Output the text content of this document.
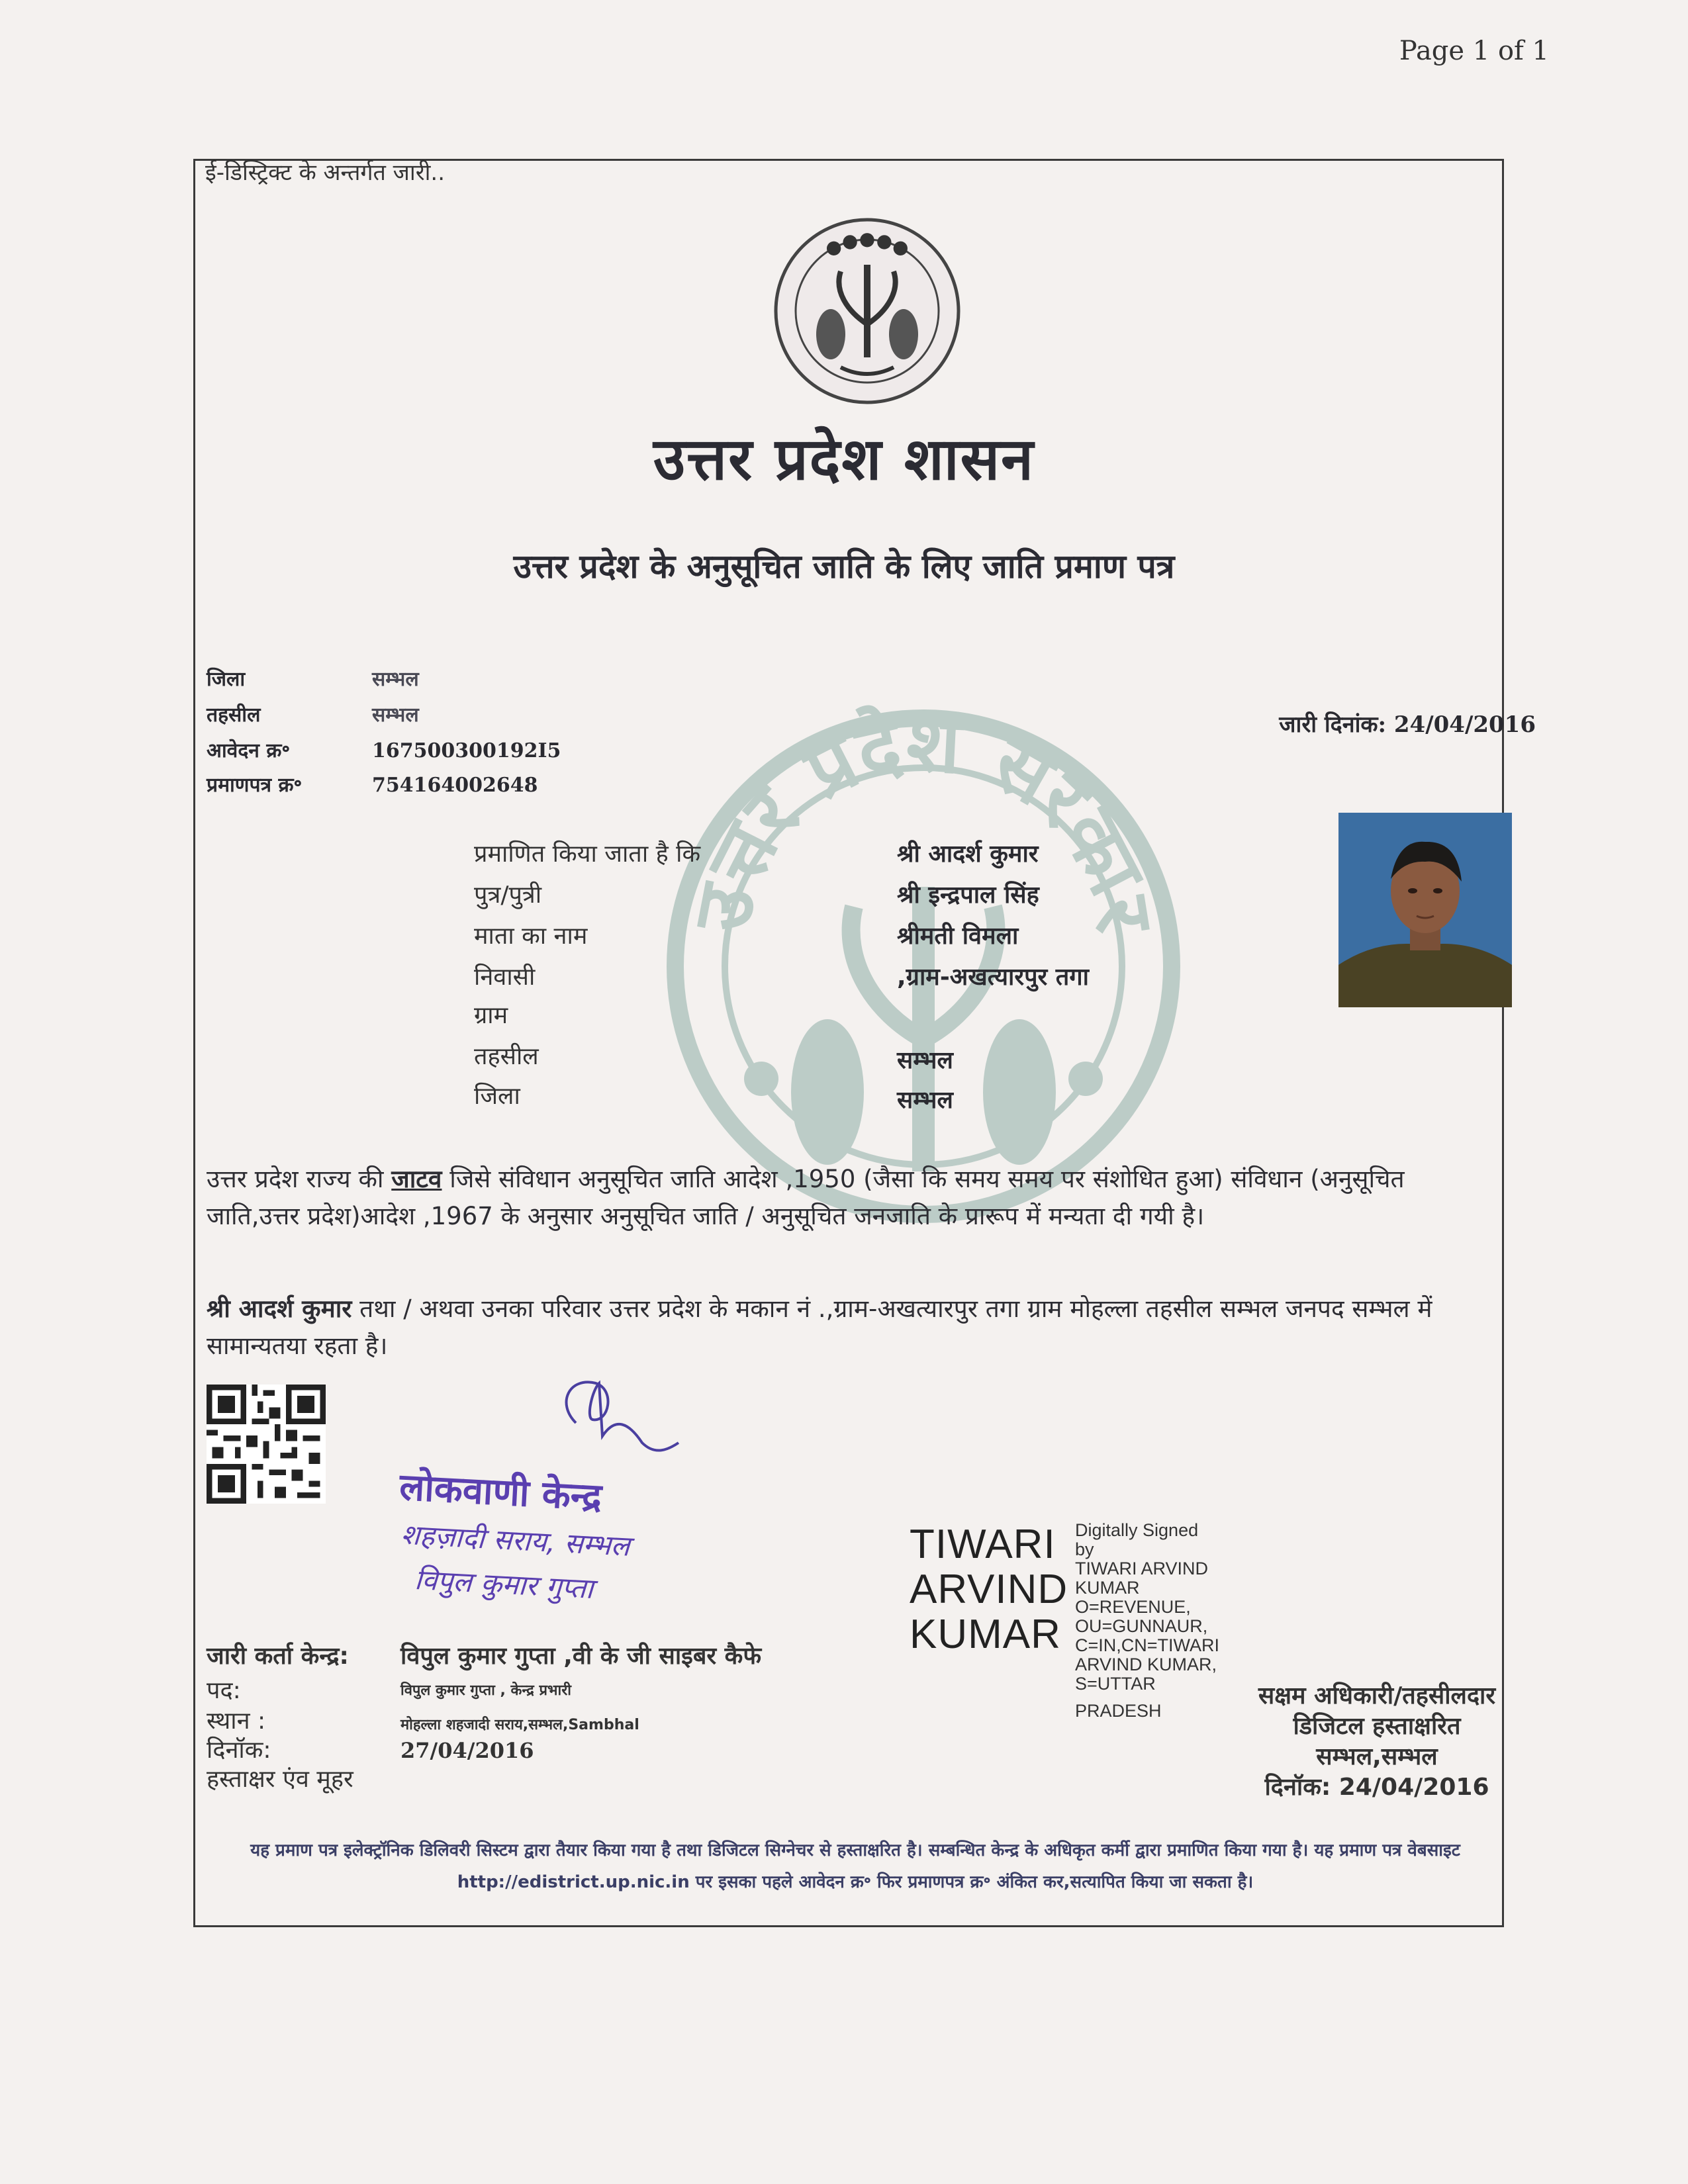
Page 1 of 1
ई-डिस्ट्रिक्ट के अन्तर्गत जारी..
●●●●●
उत्तर प्रदेश शासन
उत्तर प्रदेश के अनुसूचित जाति के लिए जाति प्रमाण पत्र
उत्तर प्रदेश सरकार
जिला	सम्भल
तहसील	सम्भल
आवेदन क्र॰	167500300192I5
प्रमाणपत्र क्र॰	754164002648
जारी दिनांक: 24/04/2016
प्रमाणित किया जाता है कि	श्री आदर्श कुमार
पुत्र/पुत्री	श्री इन्द्रपाल सिंह
माता का नाम	श्रीमती विमला
निवासी	,ग्राम-अखत्यारपुर तगा
ग्राम
तहसील	सम्भल
जिला	सम्भल
उत्तर प्रदेश राज्य की जाटव जिसे संविधान अनुसूचित जाति आदेश ,1950 (जैसा कि समय समय पर संशोधित हुआ) संविधान (अनुसूचित जाति,उत्तर प्रदेश)आदेश ,1967 के अनुसार अनुसूचित जाति / अनुसूचित जनजाति के प्रारूप में मन्यता दी गयी है।
श्री आदर्श कुमार तथा / अथवा उनका परिवार उत्तर प्रदेश के मकान नं .,ग्राम-अखत्यारपुर तगा ग्राम मोहल्ला तहसील सम्भल जनपद सम्भल में सामान्यतया रहता है।
लोकवाणी केन्द्र
शहज़ादी सराय, सम्भल
विपुल कुमार गुप्ता
जारी कर्ता केन्द्र: विपुल कुमार गुप्ता ,वी के जी साइबर कैफे
पद:	विपुल कुमार गुप्ता , केन्द्र प्रभारी
स्थान :	मोहल्ला शहजादी सराय,सम्भल,Sambhal
दिनॉक:	27/04/2016
हस्ताक्षर एंव मूहर
TIWARI
ARVIND
KUMAR
Digitally Signed by
TIWARI ARVIND
KUMAR
O=REVENUE,
OU=GUNNAUR,
C=IN,CN=TIWARI
ARVIND KUMAR,
S=UTTAR
PRADESH
सक्षम अधिकारी/तहसीलदार
डिजिटल हस्ताक्षरित
सम्भल,सम्भल
दिनॉक: 24/04/2016
यह प्रमाण पत्र इलेक्ट्रॉनिक डिलिवरी सिस्टम द्वारा तैयार किया गया है तथा डिजिटल सिग्नेचर से हस्ताक्षरित है। सम्बन्धित केन्द्र के अधिकृत कर्मी द्वारा प्रमाणित किया गया है। यह प्रमाण पत्र वेबसाइट http://edistrict.up.nic.in पर इसका पहले आवेदन क्र॰ फिर प्रमाणपत्र क्र॰ अंकित कर,सत्यापित किया जा सकता है।
